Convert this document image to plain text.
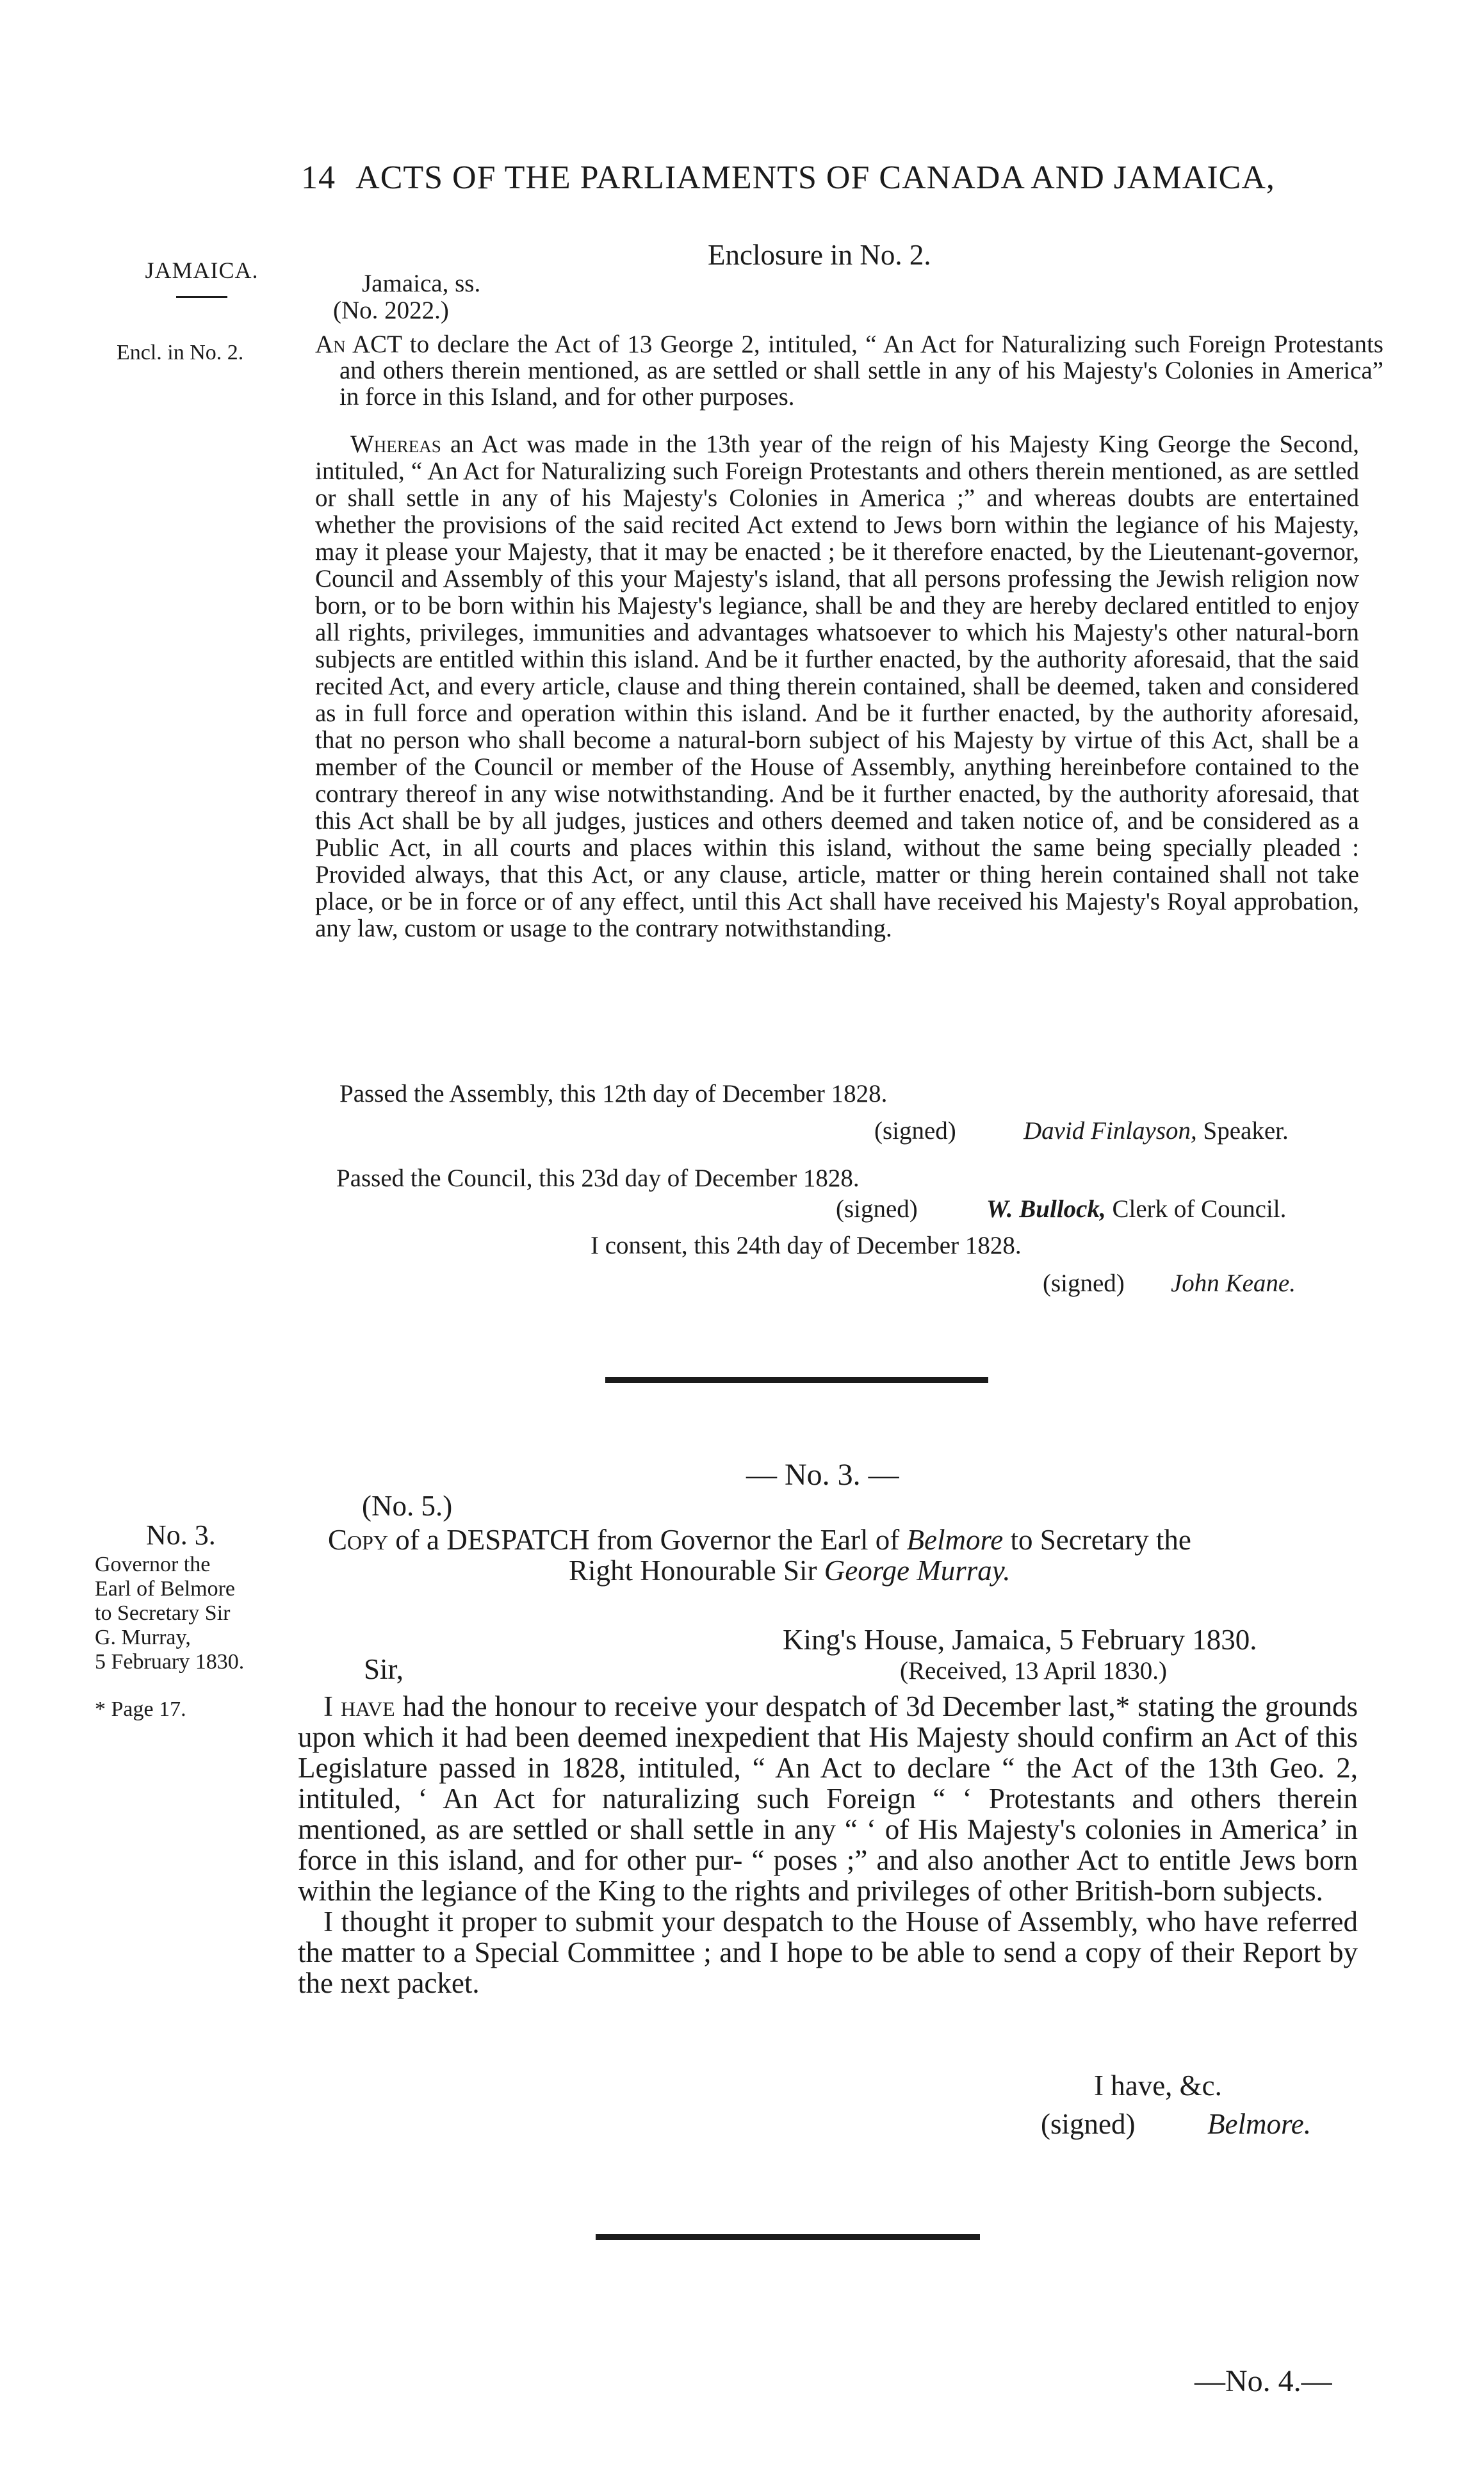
14 ACTS OF THE PARLIAMENTS OF CANADA AND JAMAICA,
JAMAICA.
Encl. in No. 2.
Enclosure in No. 2.
Jamaica, ss.
(No. 2022.)
An ACT to declare the Act of 13 George 2, intituled, “ An Act for Naturalizing such Foreign Protestants and others therein mentioned, as are settled or shall settle in any of his Majesty's Colonies in America” in force in this Island, and for other purposes.

Whereas an Act was made in the 13th year of the reign of his Majesty King George the Second, intituled, “ An Act for Naturalizing such Foreign Protestants and others therein mentioned, as are settled or shall settle in any of his Majesty's Colonies in America ;” and whereas doubts are entertained whether the provisions of the said recited Act extend to Jews born within the legiance of his Majesty, may it please your Majesty, that it may be enacted ; be it therefore enacted, by the Lieutenant-governor, Council and Assembly of this your Majesty's island, that all persons professing the Jewish religion now born, or to be born within his Majesty's legiance, shall be and they are hereby declared entitled to enjoy all rights, privileges, immunities and advantages whatsoever to which his Majesty's other natural-born subjects are entitled within this island. And be it further enacted, by the authority aforesaid, that the said recited Act, and every article, clause and thing therein contained, shall be deemed, taken and considered as in full force and operation within this island. And be it further enacted, by the authority aforesaid, that no person who shall become a natural-born subject of his Majesty by virtue of this Act, shall be a member of the Council or member of the House of Assembly, anything hereinbefore contained to the contrary thereof in any wise notwithstanding. And be it further enacted, by the authority aforesaid, that this Act shall be by all judges, justices and others deemed and taken notice of, and be considered as a Public Act, in all courts and places within this island, without the same being specially pleaded : Provided always, that this Act, or any clause, article, matter or thing herein contained shall not take place, or be in force or of any effect, until this Act shall have received his Majesty's Royal approbation, any law, custom or usage to the contrary notwithstanding.

Passed the Assembly, this 12th day of December 1828.
(signed)	David Finlayson, Speaker.
Passed the Council, this 23d day of December 1828.
(signed)	W. Bullock, Clerk of Council.
I consent, this 24th day of December 1828.
(signed) John Keane.
— No. 3. —
(No. 5.)
No. 3.
Governor the
Earl of Belmore
to Secretary Sir
G. Murray,
5 February 1830.
* Page 17.
Copy of a DESPATCH from Governor the Earl of Belmore to Secretary the
Right Honourable Sir George Murray.
King's House, Jamaica, 5 February 1830.
(Received, 13 April 1830.)
Sir,

I have had the honour to receive your despatch of 3d December last,* stating the grounds upon which it had been deemed inexpedient that His Majesty should confirm an Act of this Legislature passed in 1828, intituled, “ An Act to declare “ the Act of the 13th Geo. 2, intituled, ‘ An Act for naturalizing such Foreign “ ‘ Protestants and others therein mentioned, as are settled or shall settle in any “ ‘ of His Majesty's colonies in America’ in force in this island, and for other pur- “ poses ;” and also another Act to entitle Jews born within the legiance of the King to the rights and privileges of other British-born subjects.

I thought it proper to submit your despatch to the House of Assembly, who have referred the matter to a Special Committee ; and I hope to be able to send a copy of their Report by the next packet.

I have, &c.
(signed)	Belmore.
—No. 4.—
